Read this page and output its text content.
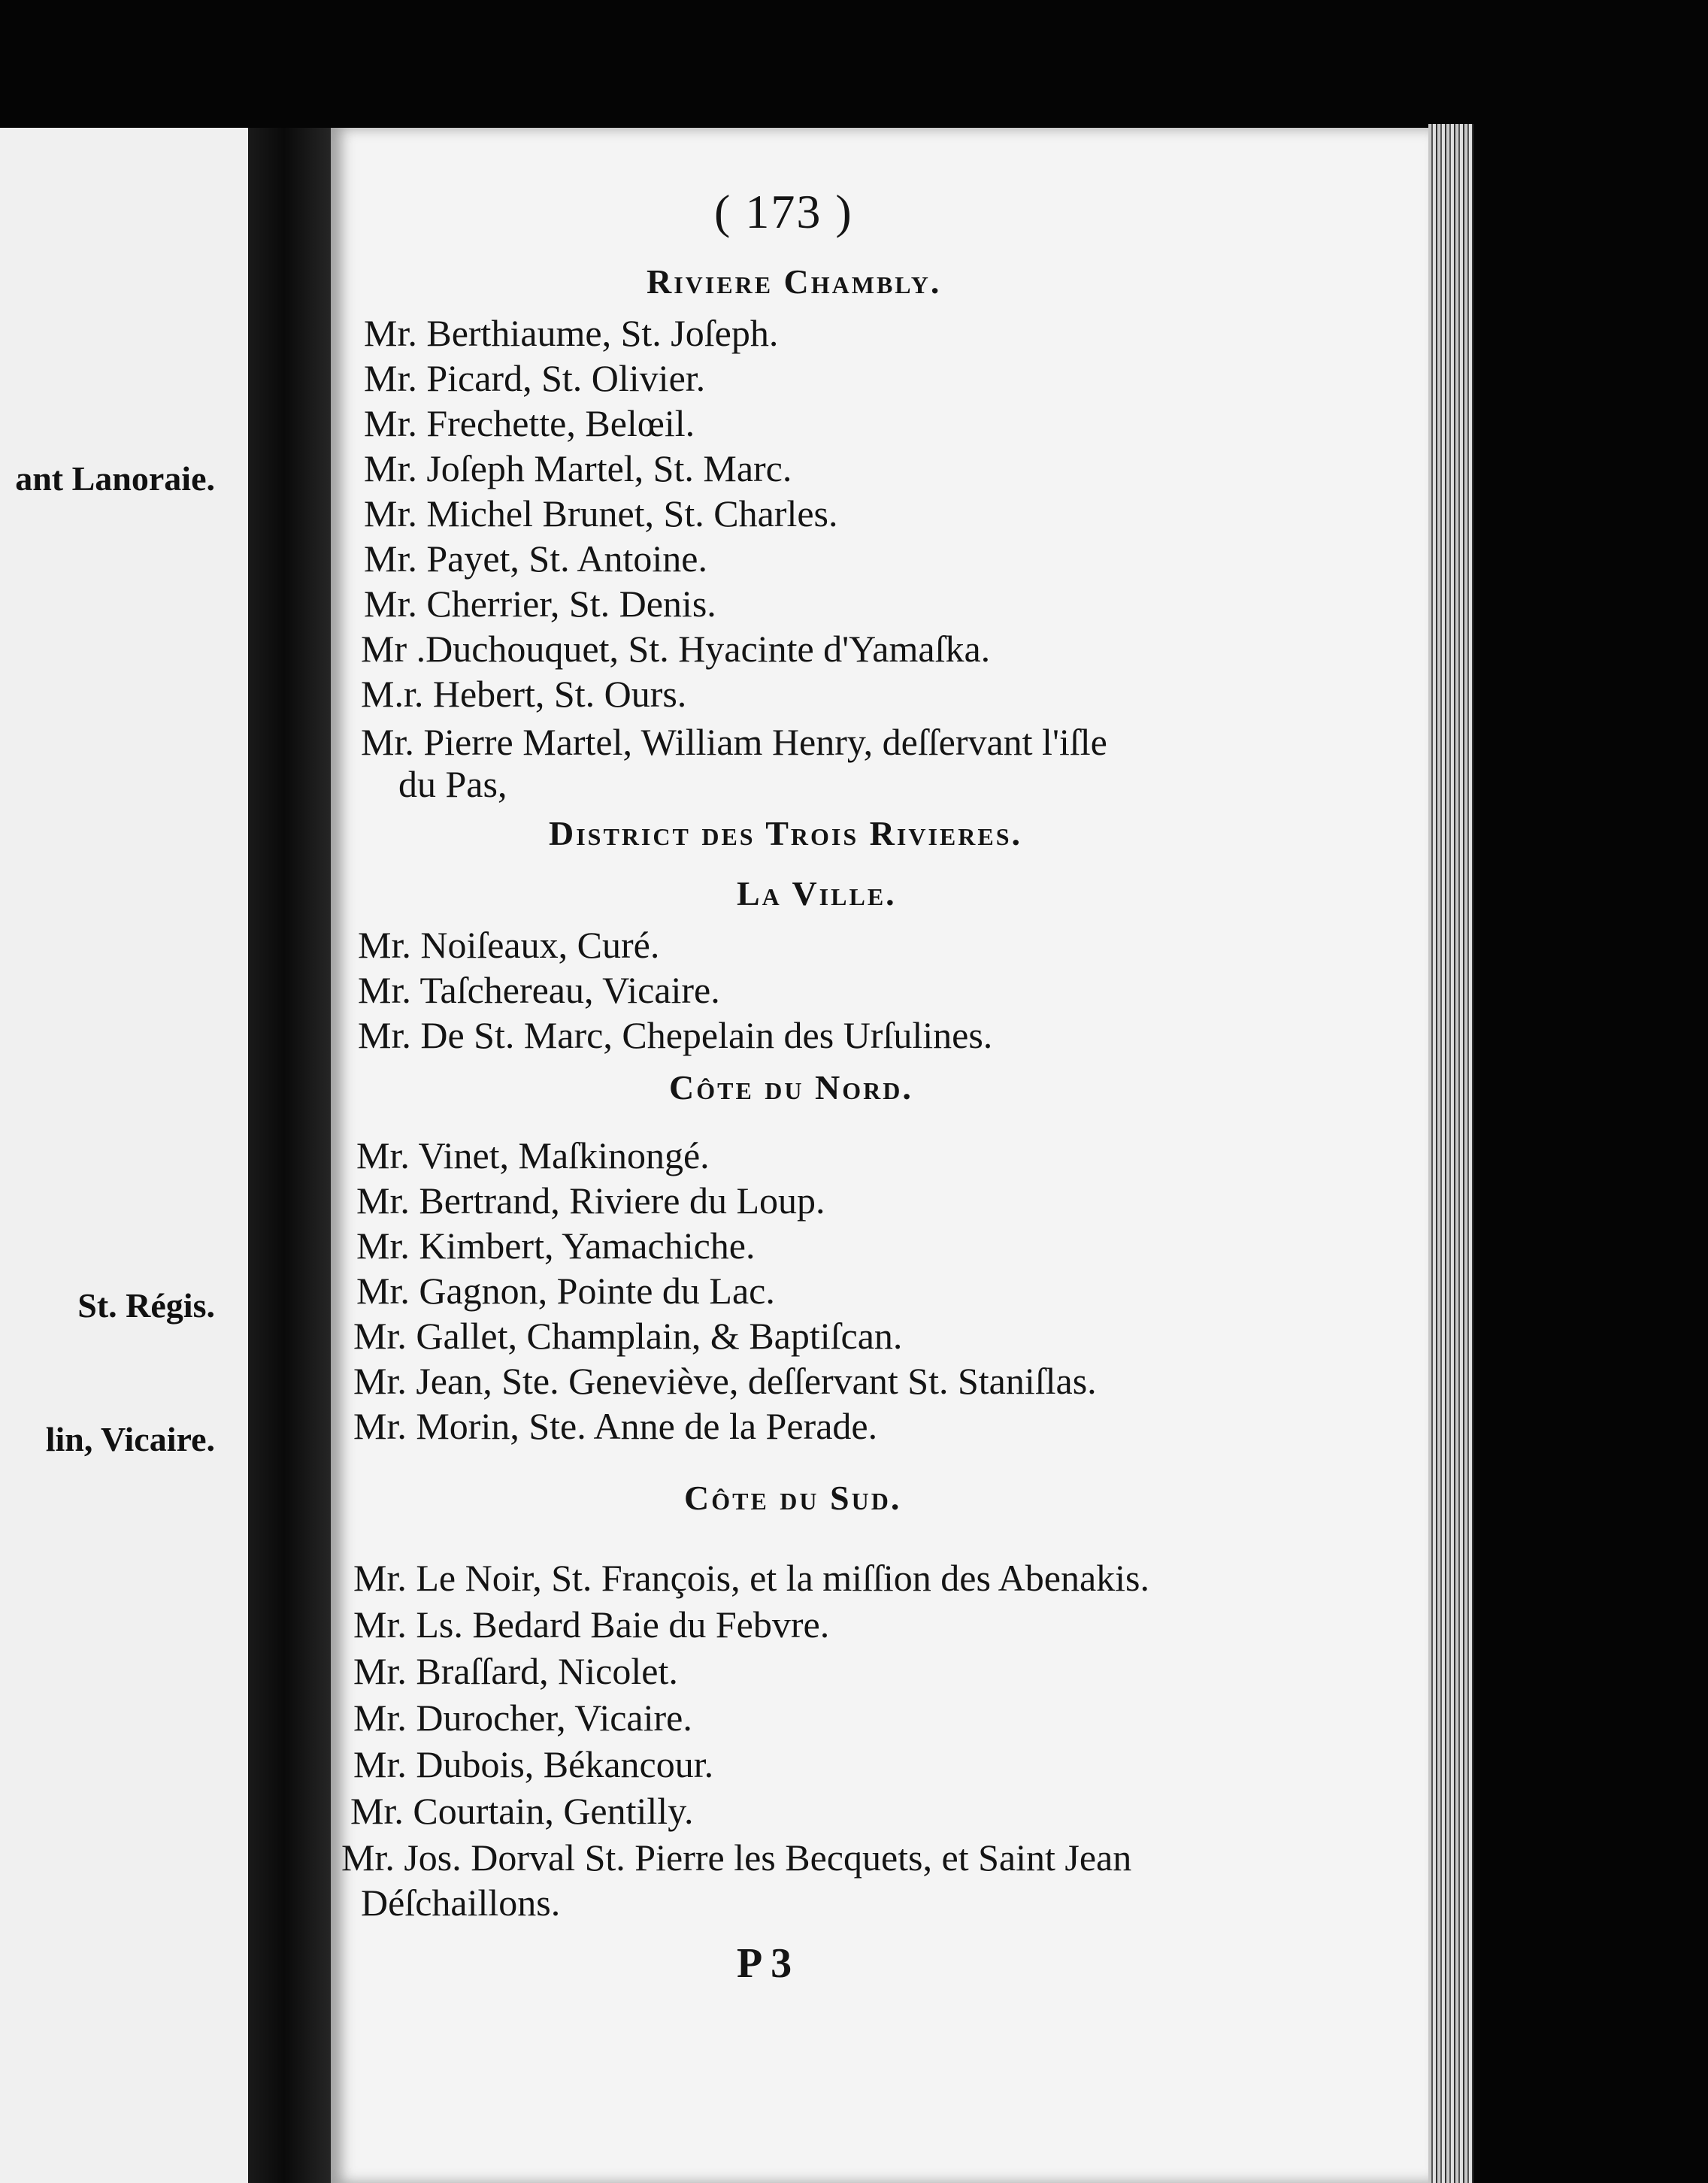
ant Lanoraie.
St. Régis.
lin, Vicaire.
( 173 )
Riviere Chambly.
Mr. Berthiaume, St. Joſeph.
Mr. Picard, St. Olivier.
Mr. Frechette, Belœil.
Mr. Joſeph Martel, St. Marc.
Mr. Michel Brunet, St. Charles.
Mr. Payet, St. Antoine.
Mr. Cherrier, St. Denis.
Mr .Duchouquet, St. Hyacinte d'Yamaſka.
M.r. Hebert, St. Ours.
Mr. Pierre Martel, William Henry, deſſervant l'iſle
du Pas,
District des Trois Rivieres.
La Ville.
Mr. Noiſeaux, Curé.
Mr. Taſchereau, Vicaire.
Mr. De St. Marc, Chepelain des Urſulines.
Côte du Nord.
Mr. Vinet, Maſkinongé.
Mr. Bertrand, Riviere du Loup.
Mr. Kimbert, Yamachiche.
Mr. Gagnon, Pointe du Lac.
Mr. Gallet, Champlain, & Baptiſcan.
Mr. Jean, Ste. Geneviève, deſſervant St. Staniſlas.
Mr. Morin, Ste. Anne de la Perade.
Côte du Sud.
Mr. Le Noir, St. François, et la miſſion des Abenakis.
Mr. Ls. Bedard Baie du Febvre.
Mr. Braſſard, Nicolet.
Mr. Durocher, Vicaire.
Mr. Dubois, Békancour.
Mr. Courtain, Gentilly.
Mr. Jos. Dorval St. Pierre les Becquets, et Saint Jean
Déſchaillons.
P 3
